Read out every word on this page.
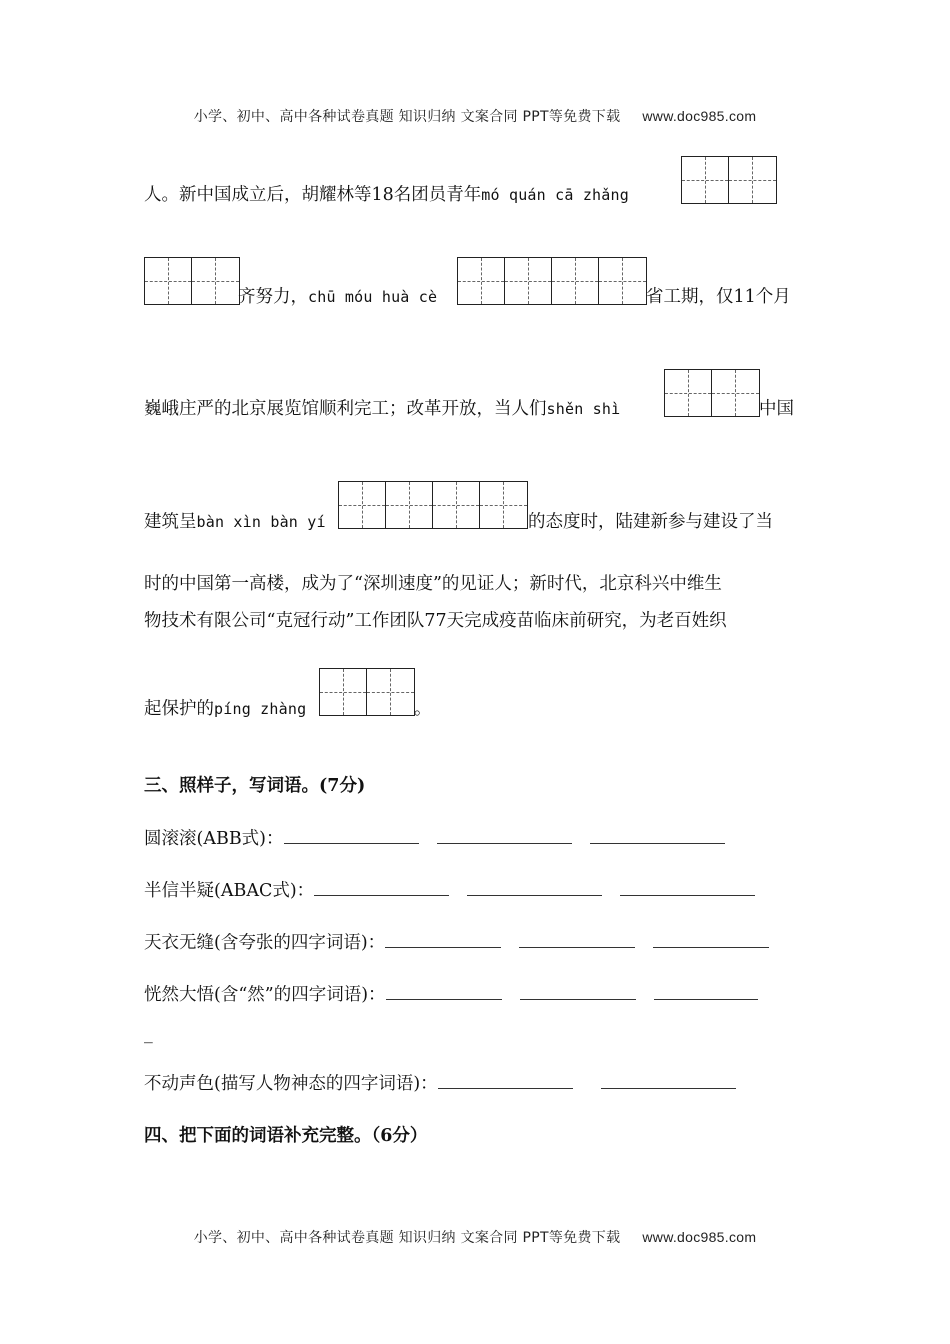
小学、初中、高中各种试卷真题 知识归纳 文案合同 PPT等免费下载 www.doc985.com
人。新中国成立后，胡耀林等18名团员青年mó quán cā zhǎng
齐努力，chū móu huà cè	省工期，仅11个月
巍峨庄严的北京展览馆顺利完工；改革开放，当人们shěn shì	中国
建筑呈bàn xìn bàn yí	的态度时，陆建新参与建设了当
时的中国第一高楼，成为了“深圳速度”的见证人；新时代，北京科兴中维生
物技术有限公司“克冠行动”工作团队77天完成疫苗临床前研究，为老百姓织
起保护的píng zhàng	。
三、照样子，写词语。(7分)
圆滚滚(ABB式)：
半信半疑(ABAC式)：
天衣无缝(含夸张的四字词语)：
恍然大悟(含“然”的四字词语)：
_
不动声色(描写人物神态的四字词语)：
四、把下面的词语补充完整。（6分）
小学、初中、高中各种试卷真题 知识归纳 文案合同 PPT等免费下载 www.doc985.com
